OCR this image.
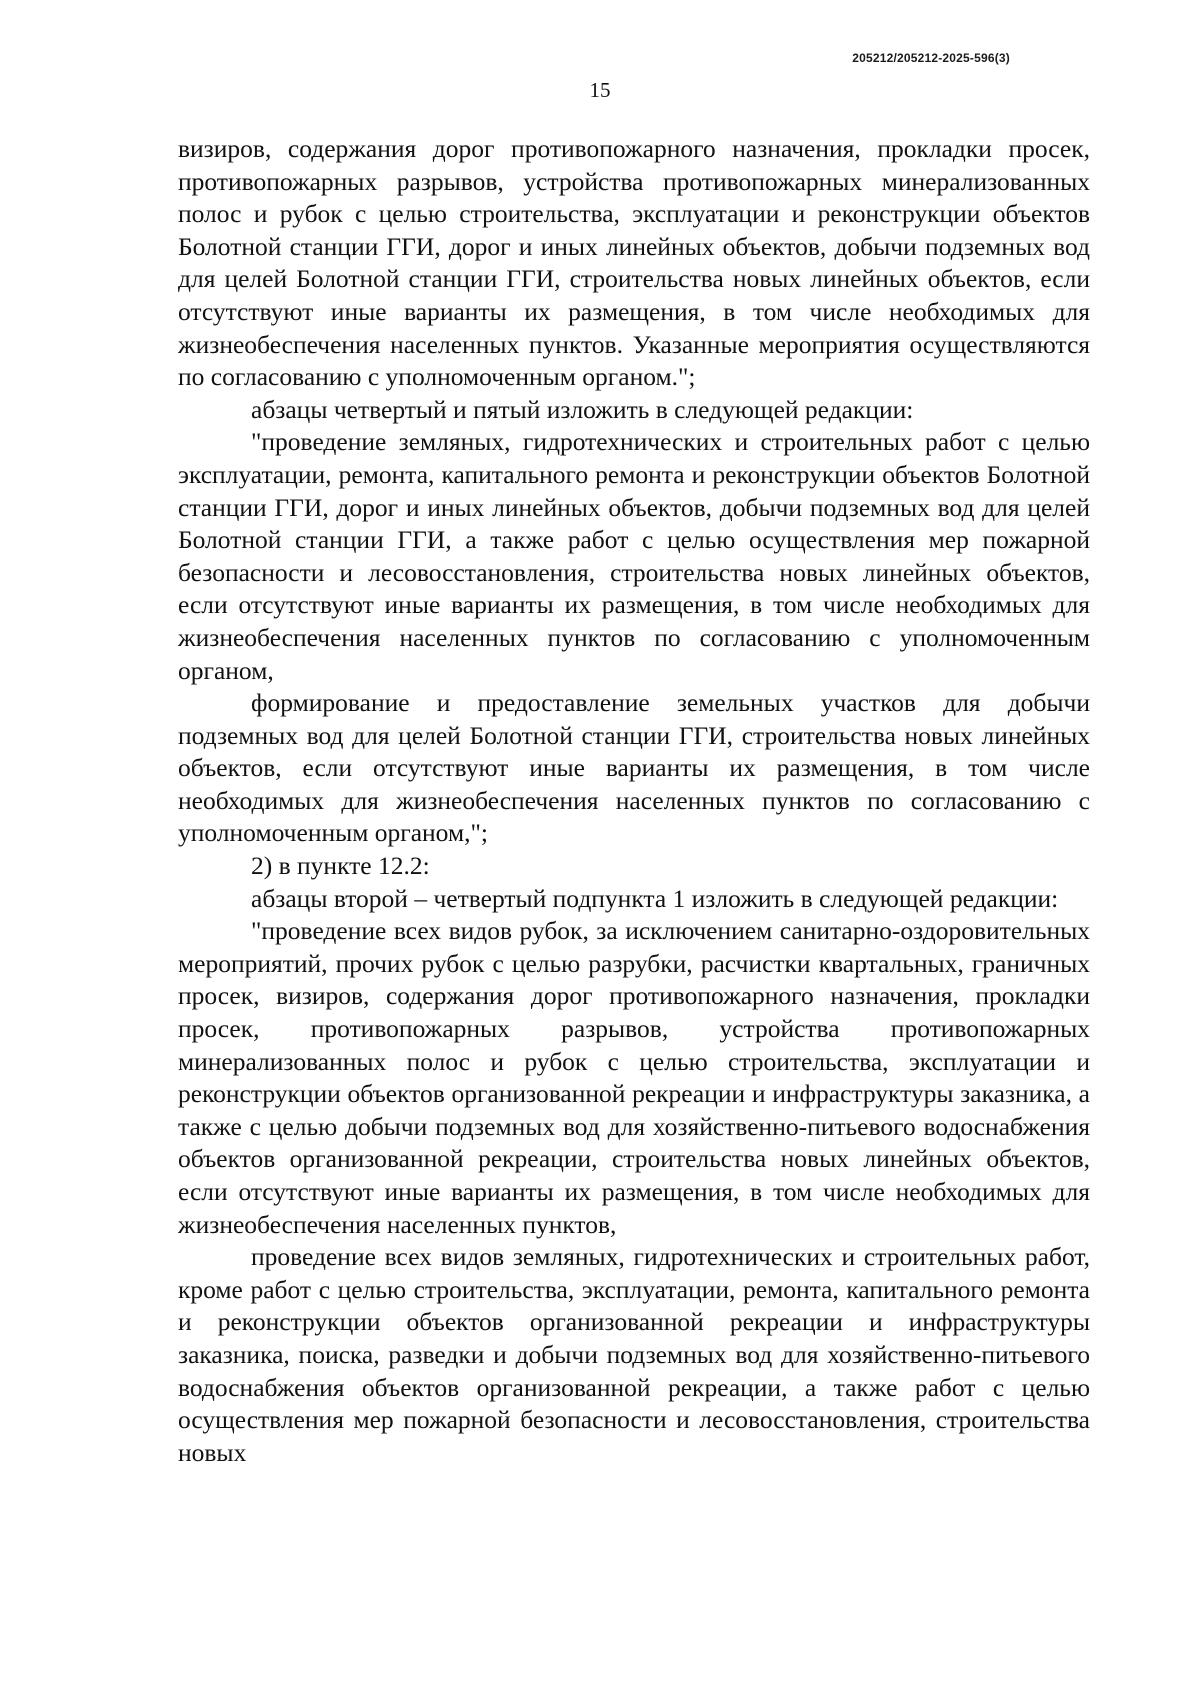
205212/205212-2025-596(3)
15

визиров, содержания дорог противопожарного назначения, прокладки просек, противопожарных разрывов, устройства противопожарных минерализованных полос и рубок с целью строительства, эксплуатации и реконструкции объектов Болотной станции ГГИ, дорог и иных линейных объектов, добычи подземных вод для целей Болотной станции ГГИ, строительства новых линейных объектов, если отсутствуют иные варианты их размещения, в том числе необходимых для жизнеобеспечения населенных пунктов. Указанные мероприятия осуществляются по согласованию с уполномоченным органом.";

абзацы четвертый и пятый изложить в следующей редакции:

"проведение земляных, гидротехнических и строительных работ с целью эксплуатации, ремонта, капитального ремонта и реконструкции объектов Болотной станции ГГИ, дорог и иных линейных объектов, добычи подземных вод для целей Болотной станции ГГИ, а также работ с целью осуществления мер пожарной безопасности и лесовосстановления, строительства новых линейных объектов, если отсутствуют иные варианты их размещения, в том числе необходимых для жизнеобеспечения населенных пунктов по согласованию с уполномоченным органом,

формирование и предоставление земельных участков для добычи подземных вод для целей Болотной станции ГГИ, строительства новых линейных объектов, если отсутствуют иные варианты их размещения, в том числе необходимых для жизнеобеспечения населенных пунктов по согласованию с уполномоченным органом,";

2) в пункте 12.2:

абзацы второй – четвертый подпункта 1 изложить в следующей редакции:

"проведение всех видов рубок, за исключением санитарно-оздоровительных мероприятий, прочих рубок с целью разрубки, расчистки квартальных, граничных просек, визиров, содержания дорог противопожарного назначения, прокладки просек, противопожарных разрывов, устройства противопожарных минерализованных полос и рубок с целью строительства, эксплуатации и реконструкции объектов организованной рекреации и инфраструктуры заказника, а также с целью добычи подземных вод для хозяйственно-питьевого водоснабжения объектов организованной рекреации, строительства новых линейных объектов, если отсутствуют иные варианты их размещения, в том числе необходимых для жизнеобеспечения населенных пунктов,

проведение всех видов земляных, гидротехнических и строительных работ, кроме работ с целью строительства, эксплуатации, ремонта, капитального ремонта и реконструкции объектов организованной рекреации и инфраструктуры заказника, поиска, разведки и добычи подземных вод для хозяйственно-питьевого водоснабжения объектов организованной рекреации, а также работ с целью осуществления мер пожарной безопасности и лесовосстановления, строительства новых
